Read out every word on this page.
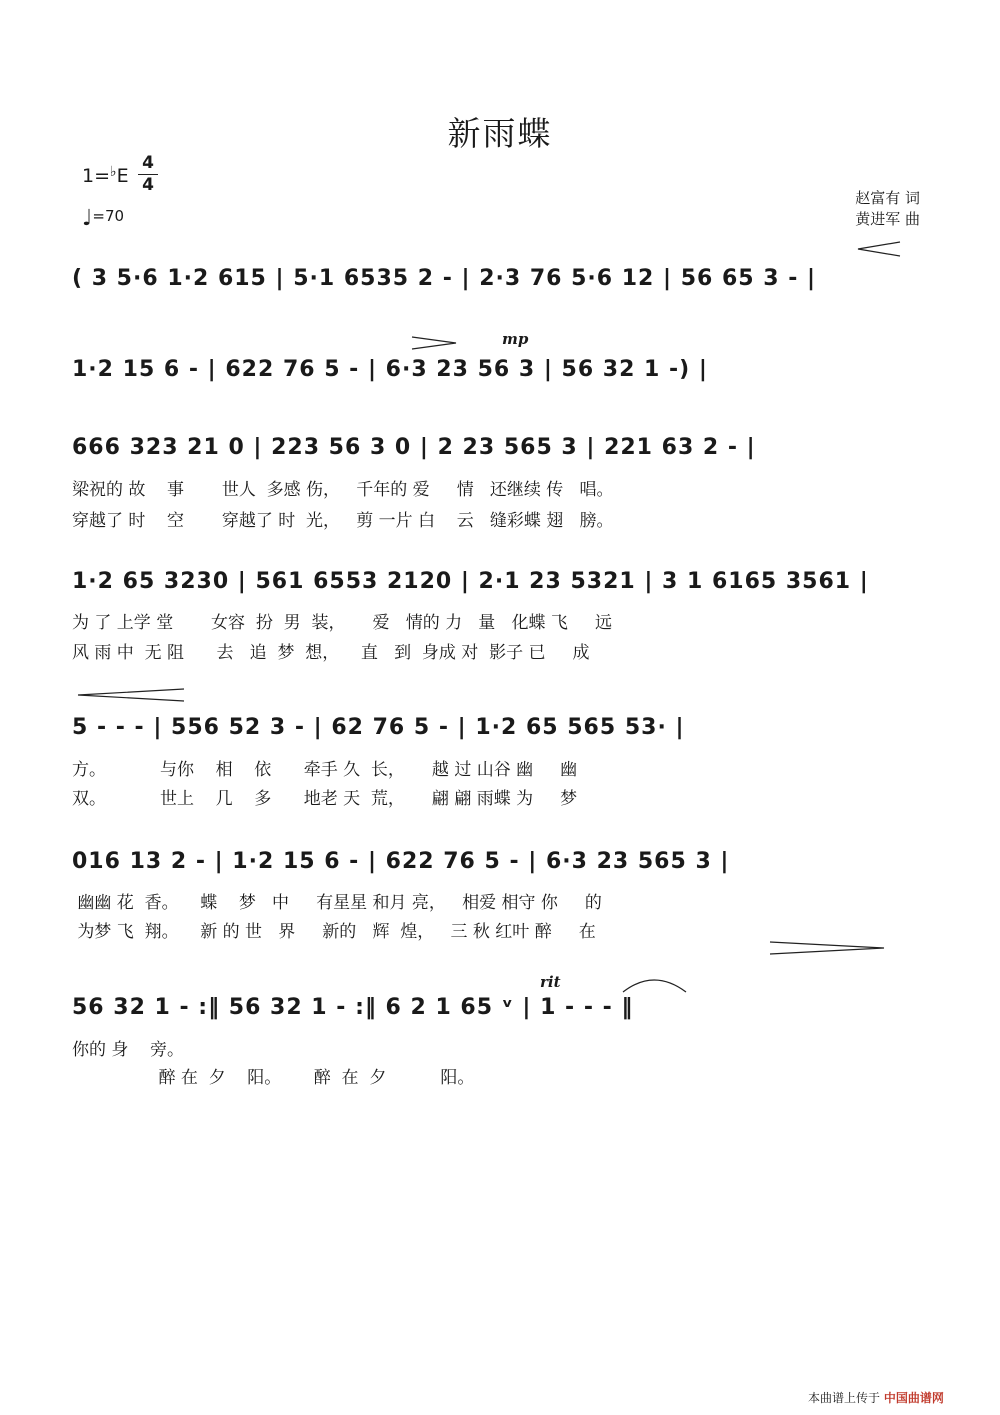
新雨蝶
1=♭E
4
4
♩=70
赵富有 词
黄进军 曲
mp
rit
( 3 5·6 1·2 615 | 5·1 6535 2 - | 2·3 76 5·6 12 | 56 65 3 - |
1·2 15 6 - | 622 76 5 - | 6·3 23 56 3 | 56 32 1 -) |
666 323 21 0 | 223 56 3 0 | 2 23 565 3 | 221 63 2 - |
1·2 65 3230 | 561 6553 2120 | 2·1 23 5321 | 3 1 6165 3561 |
5 - - - | 556 52 3 - | 62 76 5 - | 1·2 65 565 53· |
016 13 2 - | 1·2 15 6 - | 622 76 5 - | 6·3 23 565 3 |
56 32 1 - :‖ 56 32 1 - :‖ 6 2 1 65 ᵛ | 1 - - - ‖
梁祝的 故    事       世人  多感 伤，   千年的 爱     情   还继续 传   唱。
穿越了 时    空       穿越了 时  光，   剪 一片 白    云   缝彩蝶 翅   膀。
为 了 上学 堂       女容  扮  男  装，     爱   情的 力   量   化蝶 飞     远
风 雨 中  无 阻      去   追  梦  想，    直   到  身成 对  影子 已     成
方。          与你    相    依      牵手 久  长，     越 过 山谷 幽     幽
双。          世上    几    多      地老 天  荒，     翩 翩 雨蝶 为     梦
幽幽 花  香。    蝶    梦   中     有星星 和月 亮，   相爱 相守 你     的
为梦 飞  翔。    新 的 世   界     新的   辉  煌，   三 秋 红叶 醉     在
你的 身    旁。
醉 在  夕    阳。      醉  在  夕          阳。
本曲谱上传于 中国曲谱网
